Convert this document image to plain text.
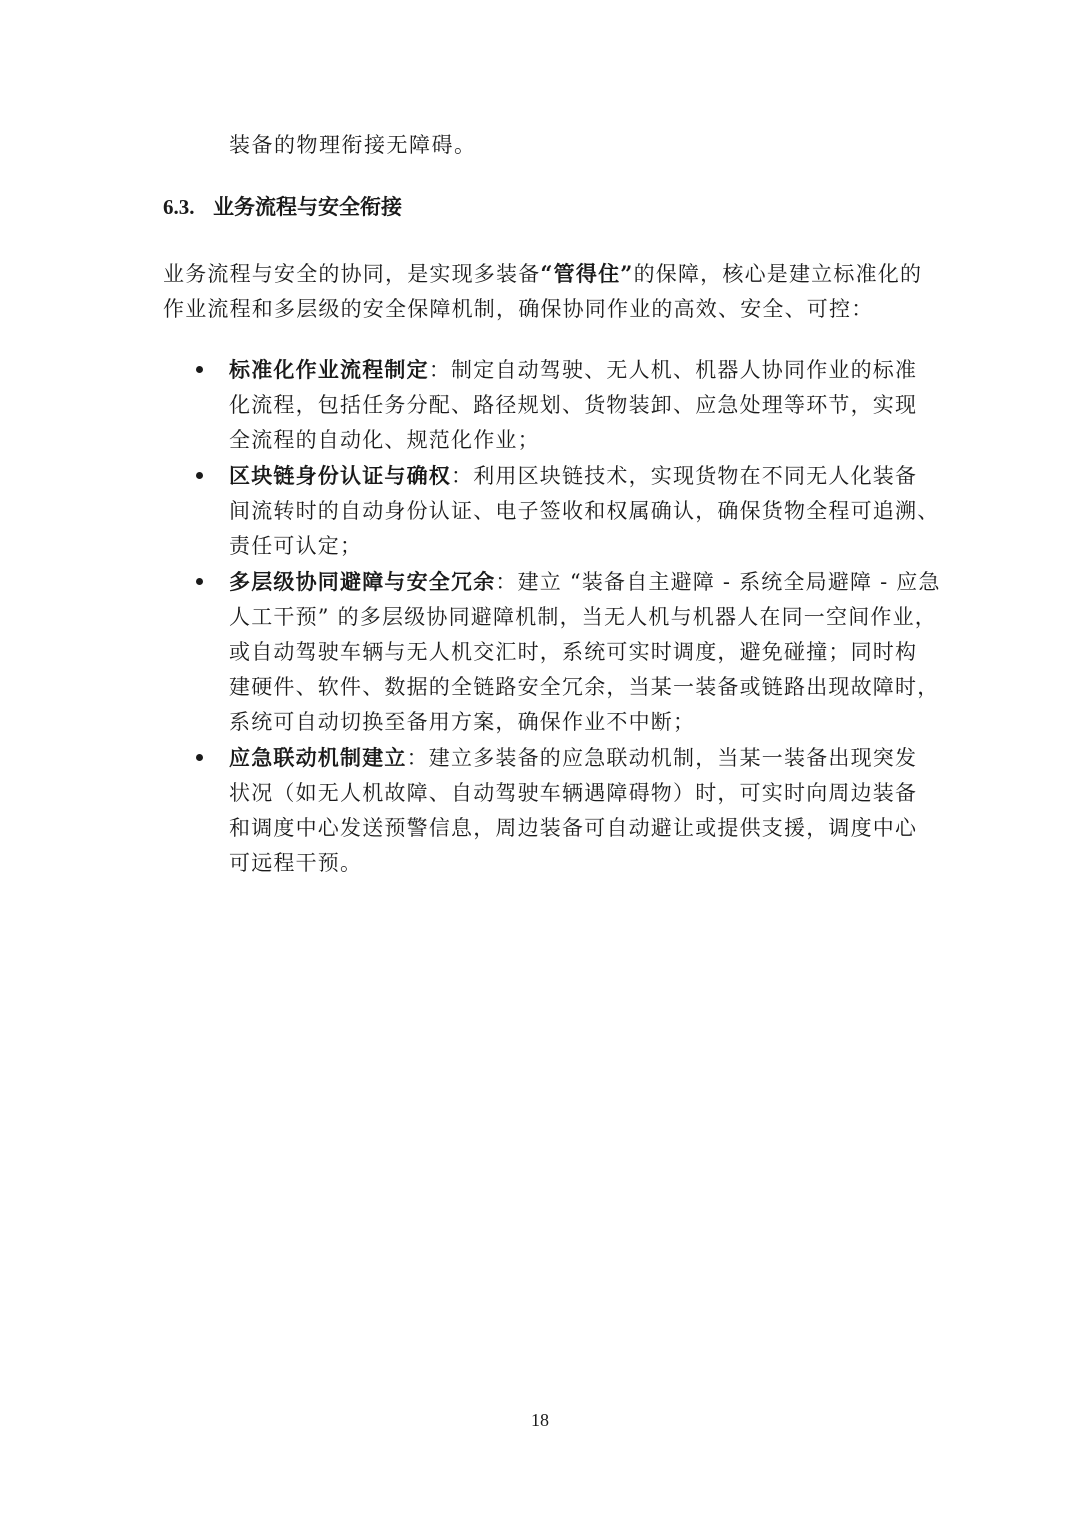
装备的物理衔接无障碍。
6.3. 业务流程与安全衔接
业务流程与安全的协同，是实现多装备“管得住”的保障，核心是建立标准化的
作业流程和多层级的安全保障机制，确保协同作业的高效、安全、可控：
标准化作业流程制定：制定自动驾驶、无人机、机器人协同作业的标准
化流程，包括任务分配、路径规划、货物装卸、应急处理等环节，实现
全流程的自动化、规范化作业；
区块链身份认证与确权：利用区块链技术，实现货物在不同无人化装备
间流转时的自动身份认证、电子签收和权属确认，确保货物全程可追溯、
责任可认定；
多层级协同避障与安全冗余：建立 “装备自主避障 - 系统全局避障 - 应急
人工干预” 的多层级协同避障机制，当无人机与机器人在同一空间作业，
或自动驾驶车辆与无人机交汇时，系统可实时调度，避免碰撞；同时构
建硬件、软件、数据的全链路安全冗余，当某一装备或链路出现故障时，
系统可自动切换至备用方案，确保作业不中断；
应急联动机制建立：建立多装备的应急联动机制，当某一装备出现突发
状况（如无人机故障、自动驾驶车辆遇障碍物）时，可实时向周边装备
和调度中心发送预警信息，周边装备可自动避让或提供支援，调度中心
可远程干预。
18
